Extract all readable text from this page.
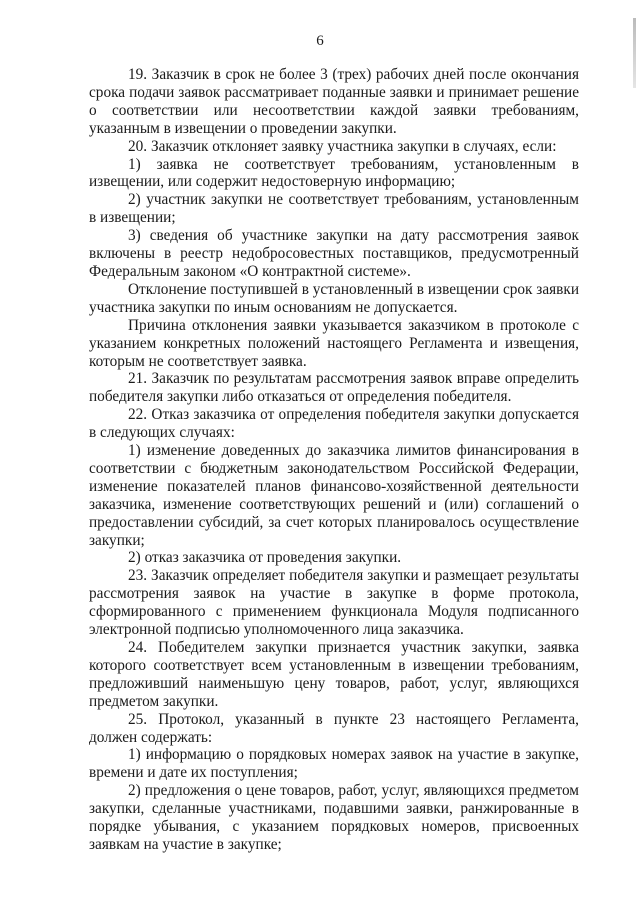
6

19. Заказчик в срок не более 3 (трех) рабочих дней после окончания срока подачи заявок рассматривает поданные заявки и принимает решение о соответствии или несоответствии каждой заявки требованиям, указанным в извещении о проведении закупки.

20. Заказчик отклоняет заявку участника закупки в случаях, если:

1) заявка не соответствует требованиям, установленным в извещении, или содержит недостоверную информацию;

2) участник закупки не соответствует требованиям, установленным в извещении;

3) сведения об участнике закупки на дату рассмотрения заявок включены в реестр недобросовестных поставщиков, предусмотренный Федеральным законом «О контрактной системе».

Отклонение поступившей в установленный в извещении срок заявки участника закупки по иным основаниям не допускается.

Причина отклонения заявки указывается заказчиком в протоколе с указанием конкретных положений настоящего Регламента и извещения, которым не соответствует заявка.

21. Заказчик по результатам рассмотрения заявок вправе определить победителя закупки либо отказаться от определения победителя.

22. Отказ заказчика от определения победителя закупки допускается в следующих случаях:

1) изменение доведенных до заказчика лимитов финансирования в соответствии с бюджетным законодательством Российской Федерации, изменение показателей планов финансово-хозяйственной деятельности заказчика, изменение соответствующих решений и (или) соглашений о предоставлении субсидий, за счет которых планировалось осуществление закупки;

2) отказ заказчика от проведения закупки.

23. Заказчик определяет победителя закупки и размещает результаты рассмотрения заявок на участие в закупке в форме протокола, сформированного с применением функционала Модуля подписанного электронной подписью уполномоченного лица заказчика.

24. Победителем закупки признается участник закупки, заявка которого соответствует всем установленным в извещении требованиям, предложивший наименьшую цену товаров, работ, услуг, являющихся предметом закупки.

25. Протокол, указанный в пункте 23 настоящего Регламента, должен содержать:

1) информацию о порядковых номерах заявок на участие в закупке, времени и дате их поступления;

2) предложения о цене товаров, работ, услуг, являющихся предметом закупки, сделанные участниками, подавшими заявки, ранжированные в порядке убывания, с указанием порядковых номеров, присвоенных заявкам на участие в закупке;
